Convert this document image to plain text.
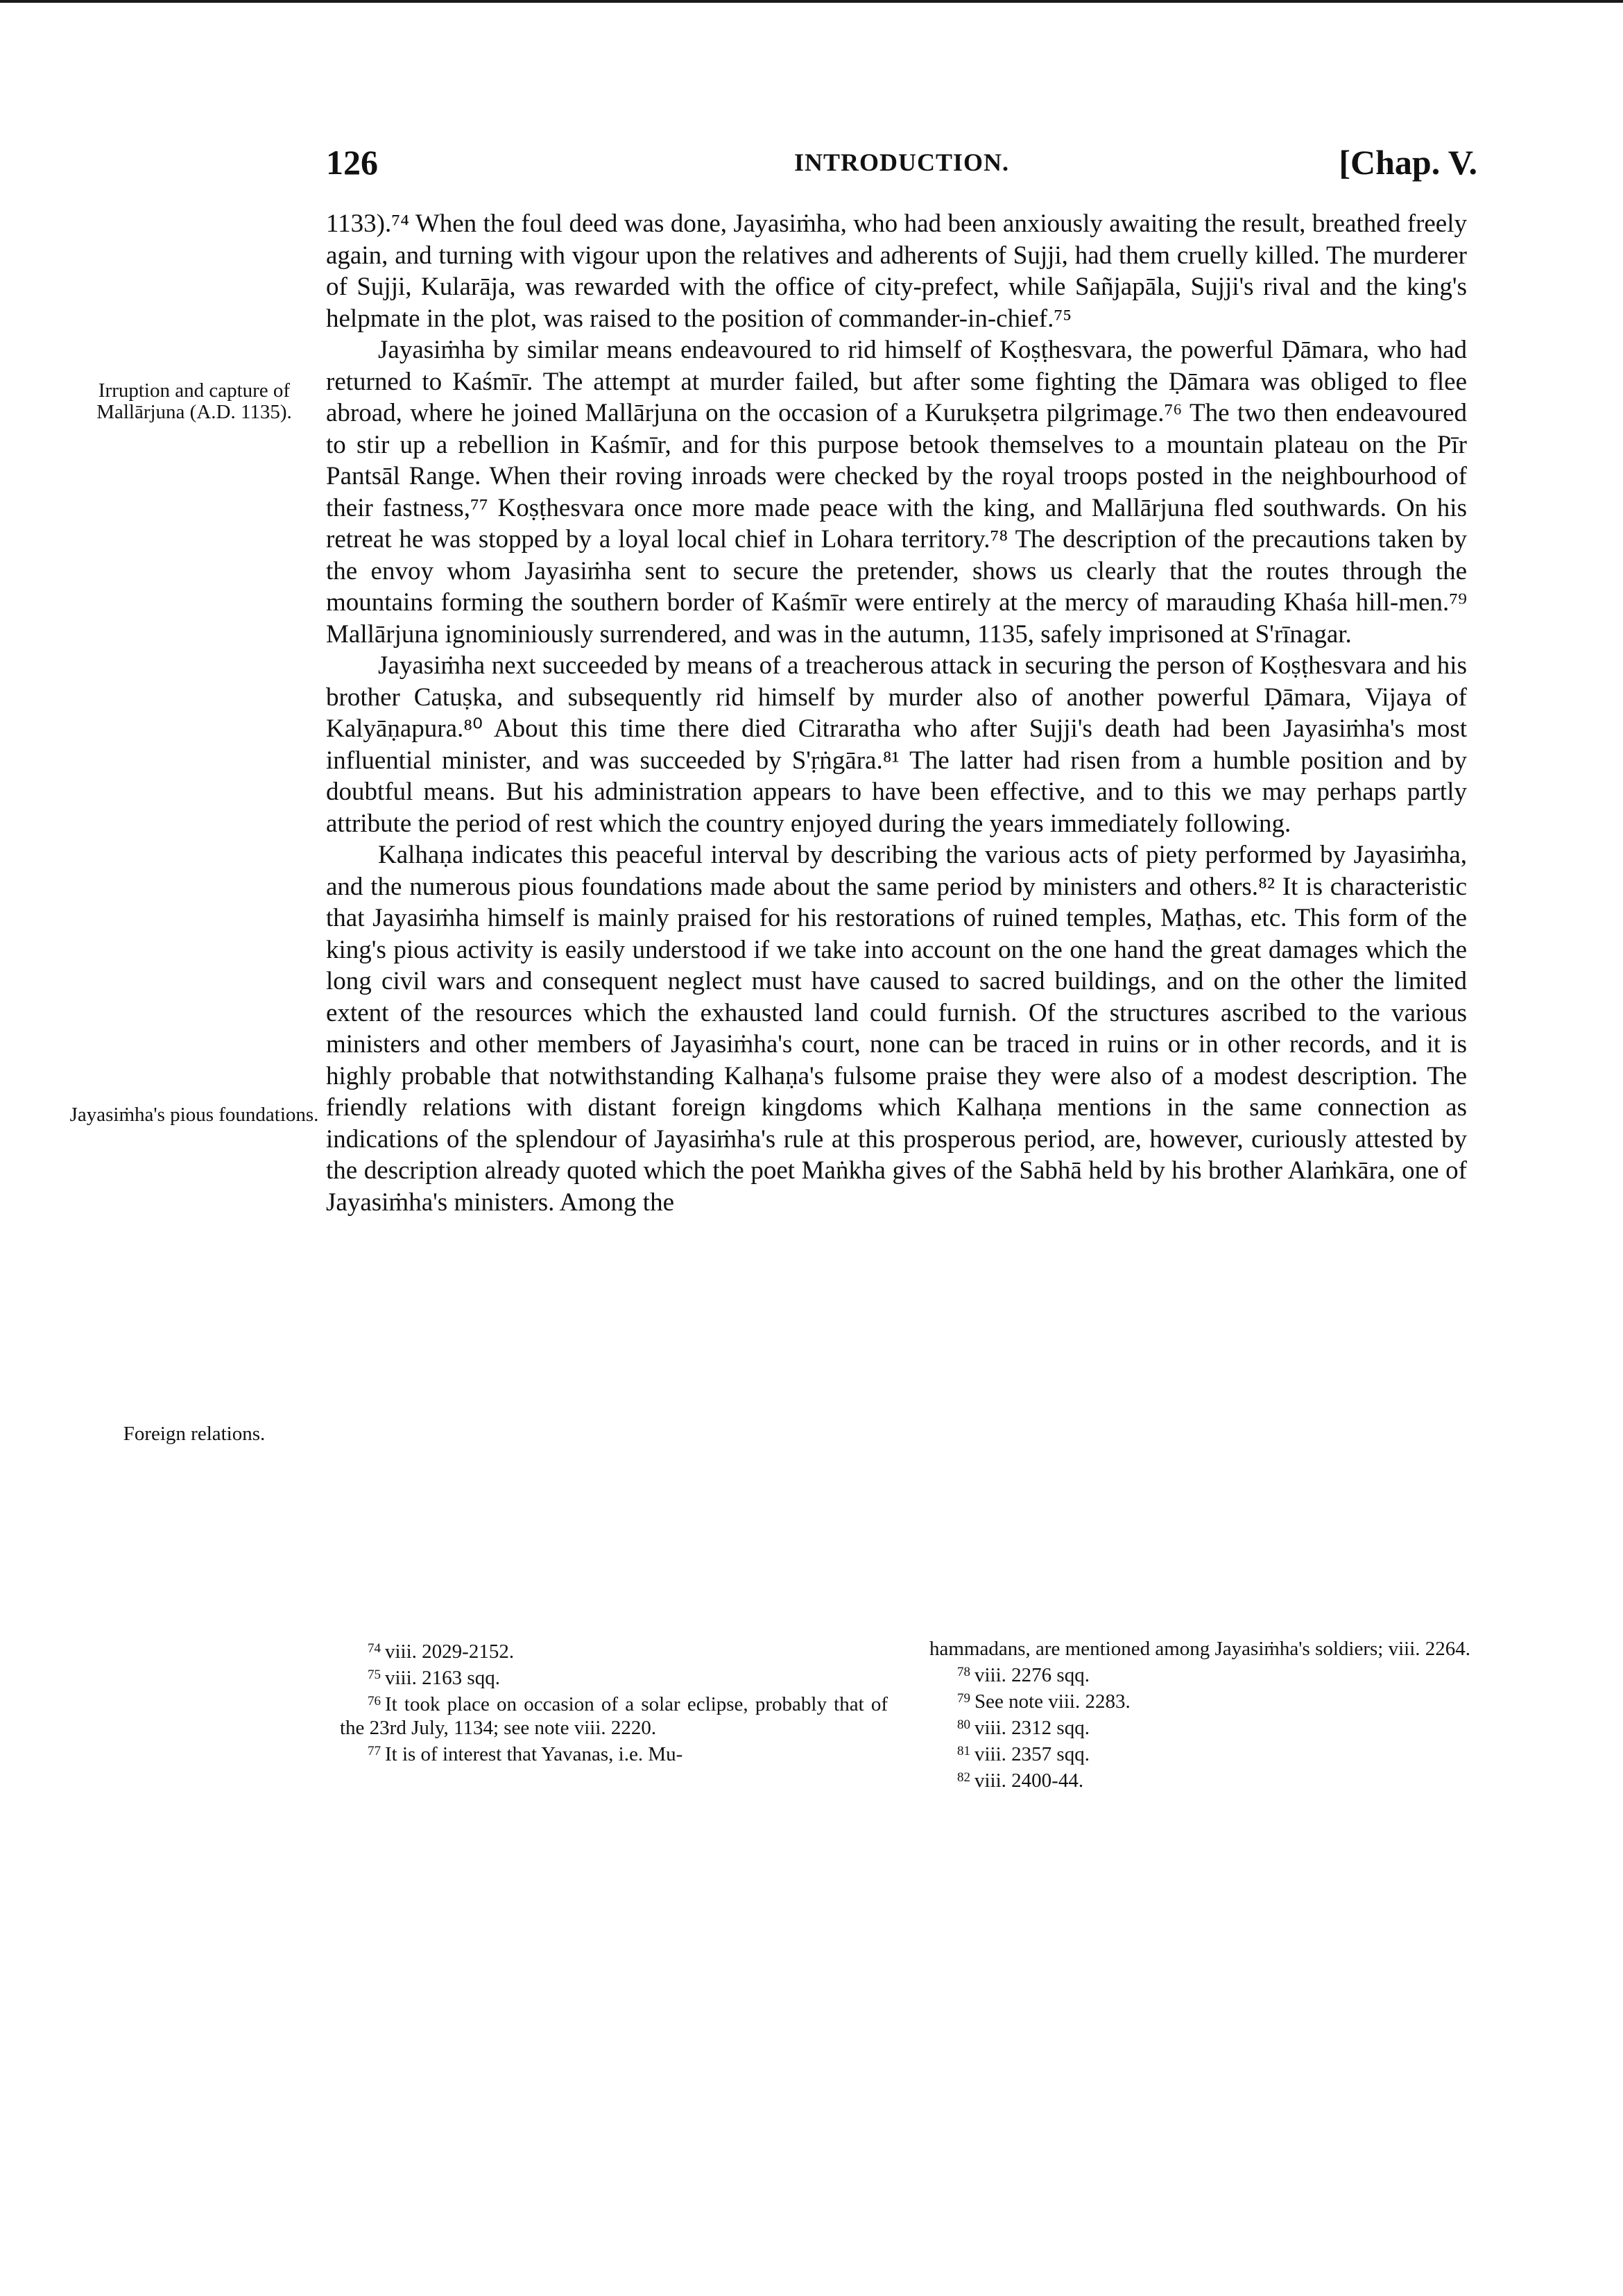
126	INTRODUCTION.	[Chap. V.
Irruption and capture of Mallārjuna (A.D. 1135).
Jayasiṁha's pious foundations.
Foreign relations.

1133).⁷⁴ When the foul deed was done, Jayasiṁha, who had been anxiously awaiting the result, breathed freely again, and turning with vigour upon the relatives and adherents of Sujji, had them cruelly killed. The murderer of Sujji, Kularāja, was rewarded with the office of city-prefect, while Sañjapāla, Sujji's rival and the king's helpmate in the plot, was raised to the position of commander-in-chief.⁷⁵

Jayasiṁha by similar means endeavoured to rid himself of Koṣṭhesvara, the powerful Ḍāmara, who had returned to Kaśmīr. The attempt at murder failed, but after some fighting the Ḍāmara was obliged to flee abroad, where he joined Mallārjuna on the occasion of a Kurukṣetra pilgrimage.⁷⁶ The two then endeavoured to stir up a rebellion in Kaśmīr, and for this purpose betook themselves to a mountain plateau on the Pīr Pantsāl Range. When their roving inroads were checked by the royal troops posted in the neighbourhood of their fastness,⁷⁷ Koṣṭhesvara once more made peace with the king, and Mallārjuna fled southwards. On his retreat he was stopped by a loyal local chief in Lohara territory.⁷⁸ The description of the precautions taken by the envoy whom Jayasiṁha sent to secure the pretender, shows us clearly that the routes through the mountains forming the southern border of Kaśmīr were entirely at the mercy of marauding Khaśa hill-men.⁷⁹ Mallārjuna ignominiously surrendered, and was in the autumn, 1135, safely imprisoned at S'rīnagar.

Jayasiṁha next succeeded by means of a treacherous attack in securing the person of Koṣṭhesvara and his brother Catuṣka, and subsequently rid himself by murder also of another powerful Ḍāmara, Vijaya of Kalyāṇapura.⁸⁰ About this time there died Citraratha who after Sujji's death had been Jayasiṁha's most influential minister, and was succeeded by S'ṛṅgāra.⁸¹ The latter had risen from a humble position and by doubtful means. But his administration appears to have been effective, and to this we may perhaps partly attribute the period of rest which the country enjoyed during the years immediately following.

Kalhaṇa indicates this peaceful interval by describing the various acts of piety performed by Jayasiṁha, and the numerous pious foundations made about the same period by ministers and others.⁸² It is characteristic that Jayasiṁha himself is mainly praised for his restorations of ruined temples, Maṭhas, etc. This form of the king's pious activity is easily understood if we take into account on the one hand the great damages which the long civil wars and consequent neglect must have caused to sacred buildings, and on the other the limited extent of the resources which the exhausted land could furnish. Of the structures ascribed to the various ministers and other members of Jayasiṁha's court, none can be traced in ruins or in other records, and it is highly probable that notwithstanding Kalhaṇa's fulsome praise they were also of a modest description. The friendly relations with distant foreign kingdoms which Kalhaṇa mentions in the same connection as indications of the splendour of Jayasiṁha's rule at this prosperous period, are, however, curiously attested by the description already quoted which the poet Maṅkha gives of the Sabhā held by his brother Alaṁkāra, one of Jayasiṁha's ministers. Among the

$^{74}$ viii. 2029-2152.

$^{75}$ viii. 2163 sqq.

$^{76}$ It took place on occasion of a solar eclipse, probably that of the 23rd July, 1134; see note viii. 2220.

$^{77}$ It is of interest that Yavanas, i.e. Mu-

hammadans, are mentioned among Jayasiṁha's soldiers; viii. 2264.

$^{78}$ viii. 2276 sqq.

$^{79}$ See note viii. 2283.

$^{80}$ viii. 2312 sqq.

$^{81}$ viii. 2357 sqq.

$^{82}$ viii. 2400-44.
